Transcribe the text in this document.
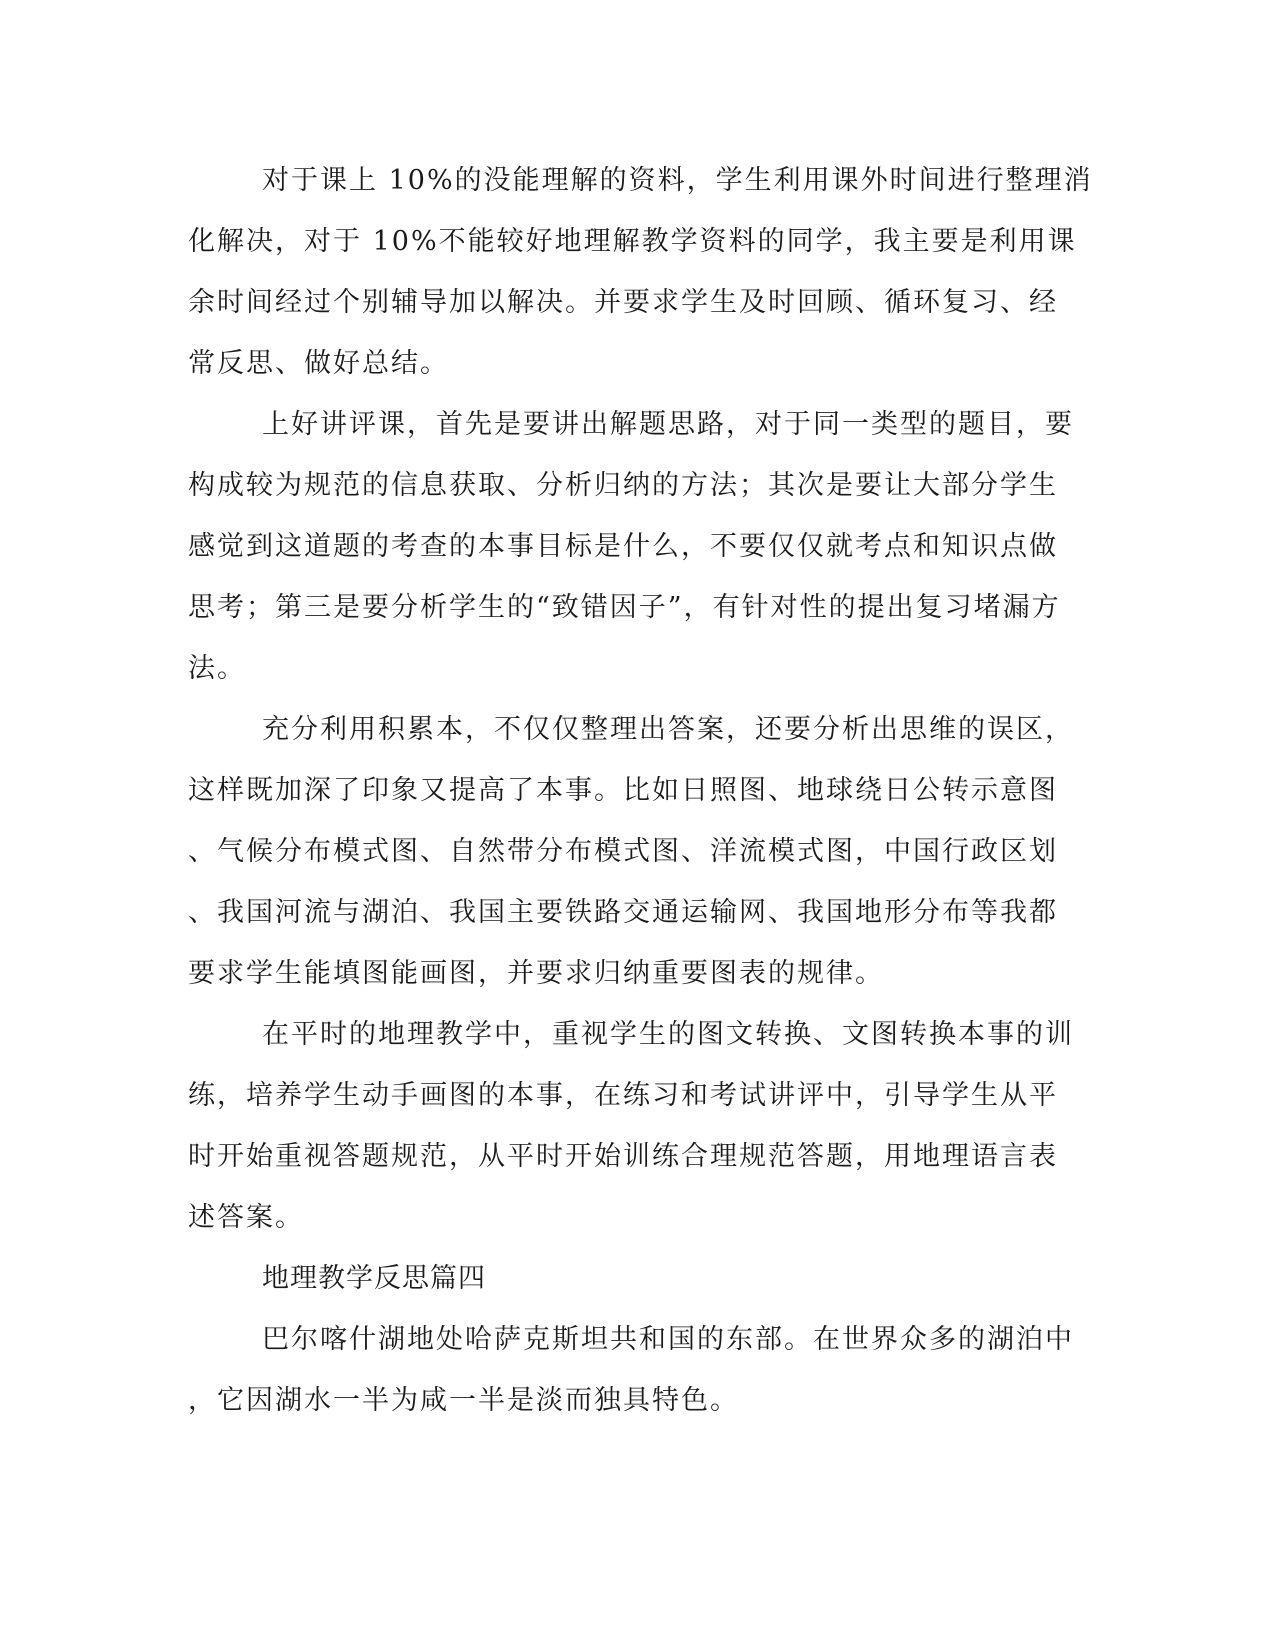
对于课上 10%的没能理解的资料，学生利用课外时间进行整理消
化解决，对于 10%不能较好地理解教学资料的同学，我主要是利用课
余时间经过个别辅导加以解决。并要求学生及时回顾、循环复习、经
常反思、做好总结。
上好讲评课，首先是要讲出解题思路，对于同一类型的题目，要
构成较为规范的信息获取、分析归纳的方法；其次是要让大部分学生
感觉到这道题的考查的本事目标是什么，不要仅仅就考点和知识点做
思考；第三是要分析学生的“致错因子”，有针对性的提出复习堵漏方
法。
充分利用积累本，不仅仅整理出答案，还要分析出思维的误区，
这样既加深了印象又提高了本事。比如日照图、地球绕日公转示意图
、气候分布模式图、自然带分布模式图、洋流模式图，中国行政区划
、我国河流与湖泊、我国主要铁路交通运输网、我国地形分布等我都
要求学生能填图能画图，并要求归纳重要图表的规律。
在平时的地理教学中，重视学生的图文转换、文图转换本事的训
练，培养学生动手画图的本事，在练习和考试讲评中，引导学生从平
时开始重视答题规范，从平时开始训练合理规范答题，用地理语言表
述答案。
地理教学反思篇四
巴尔喀什湖地处哈萨克斯坦共和国的东部。在世界众多的湖泊中
，它因湖水一半为咸一半是淡而独具特色。
